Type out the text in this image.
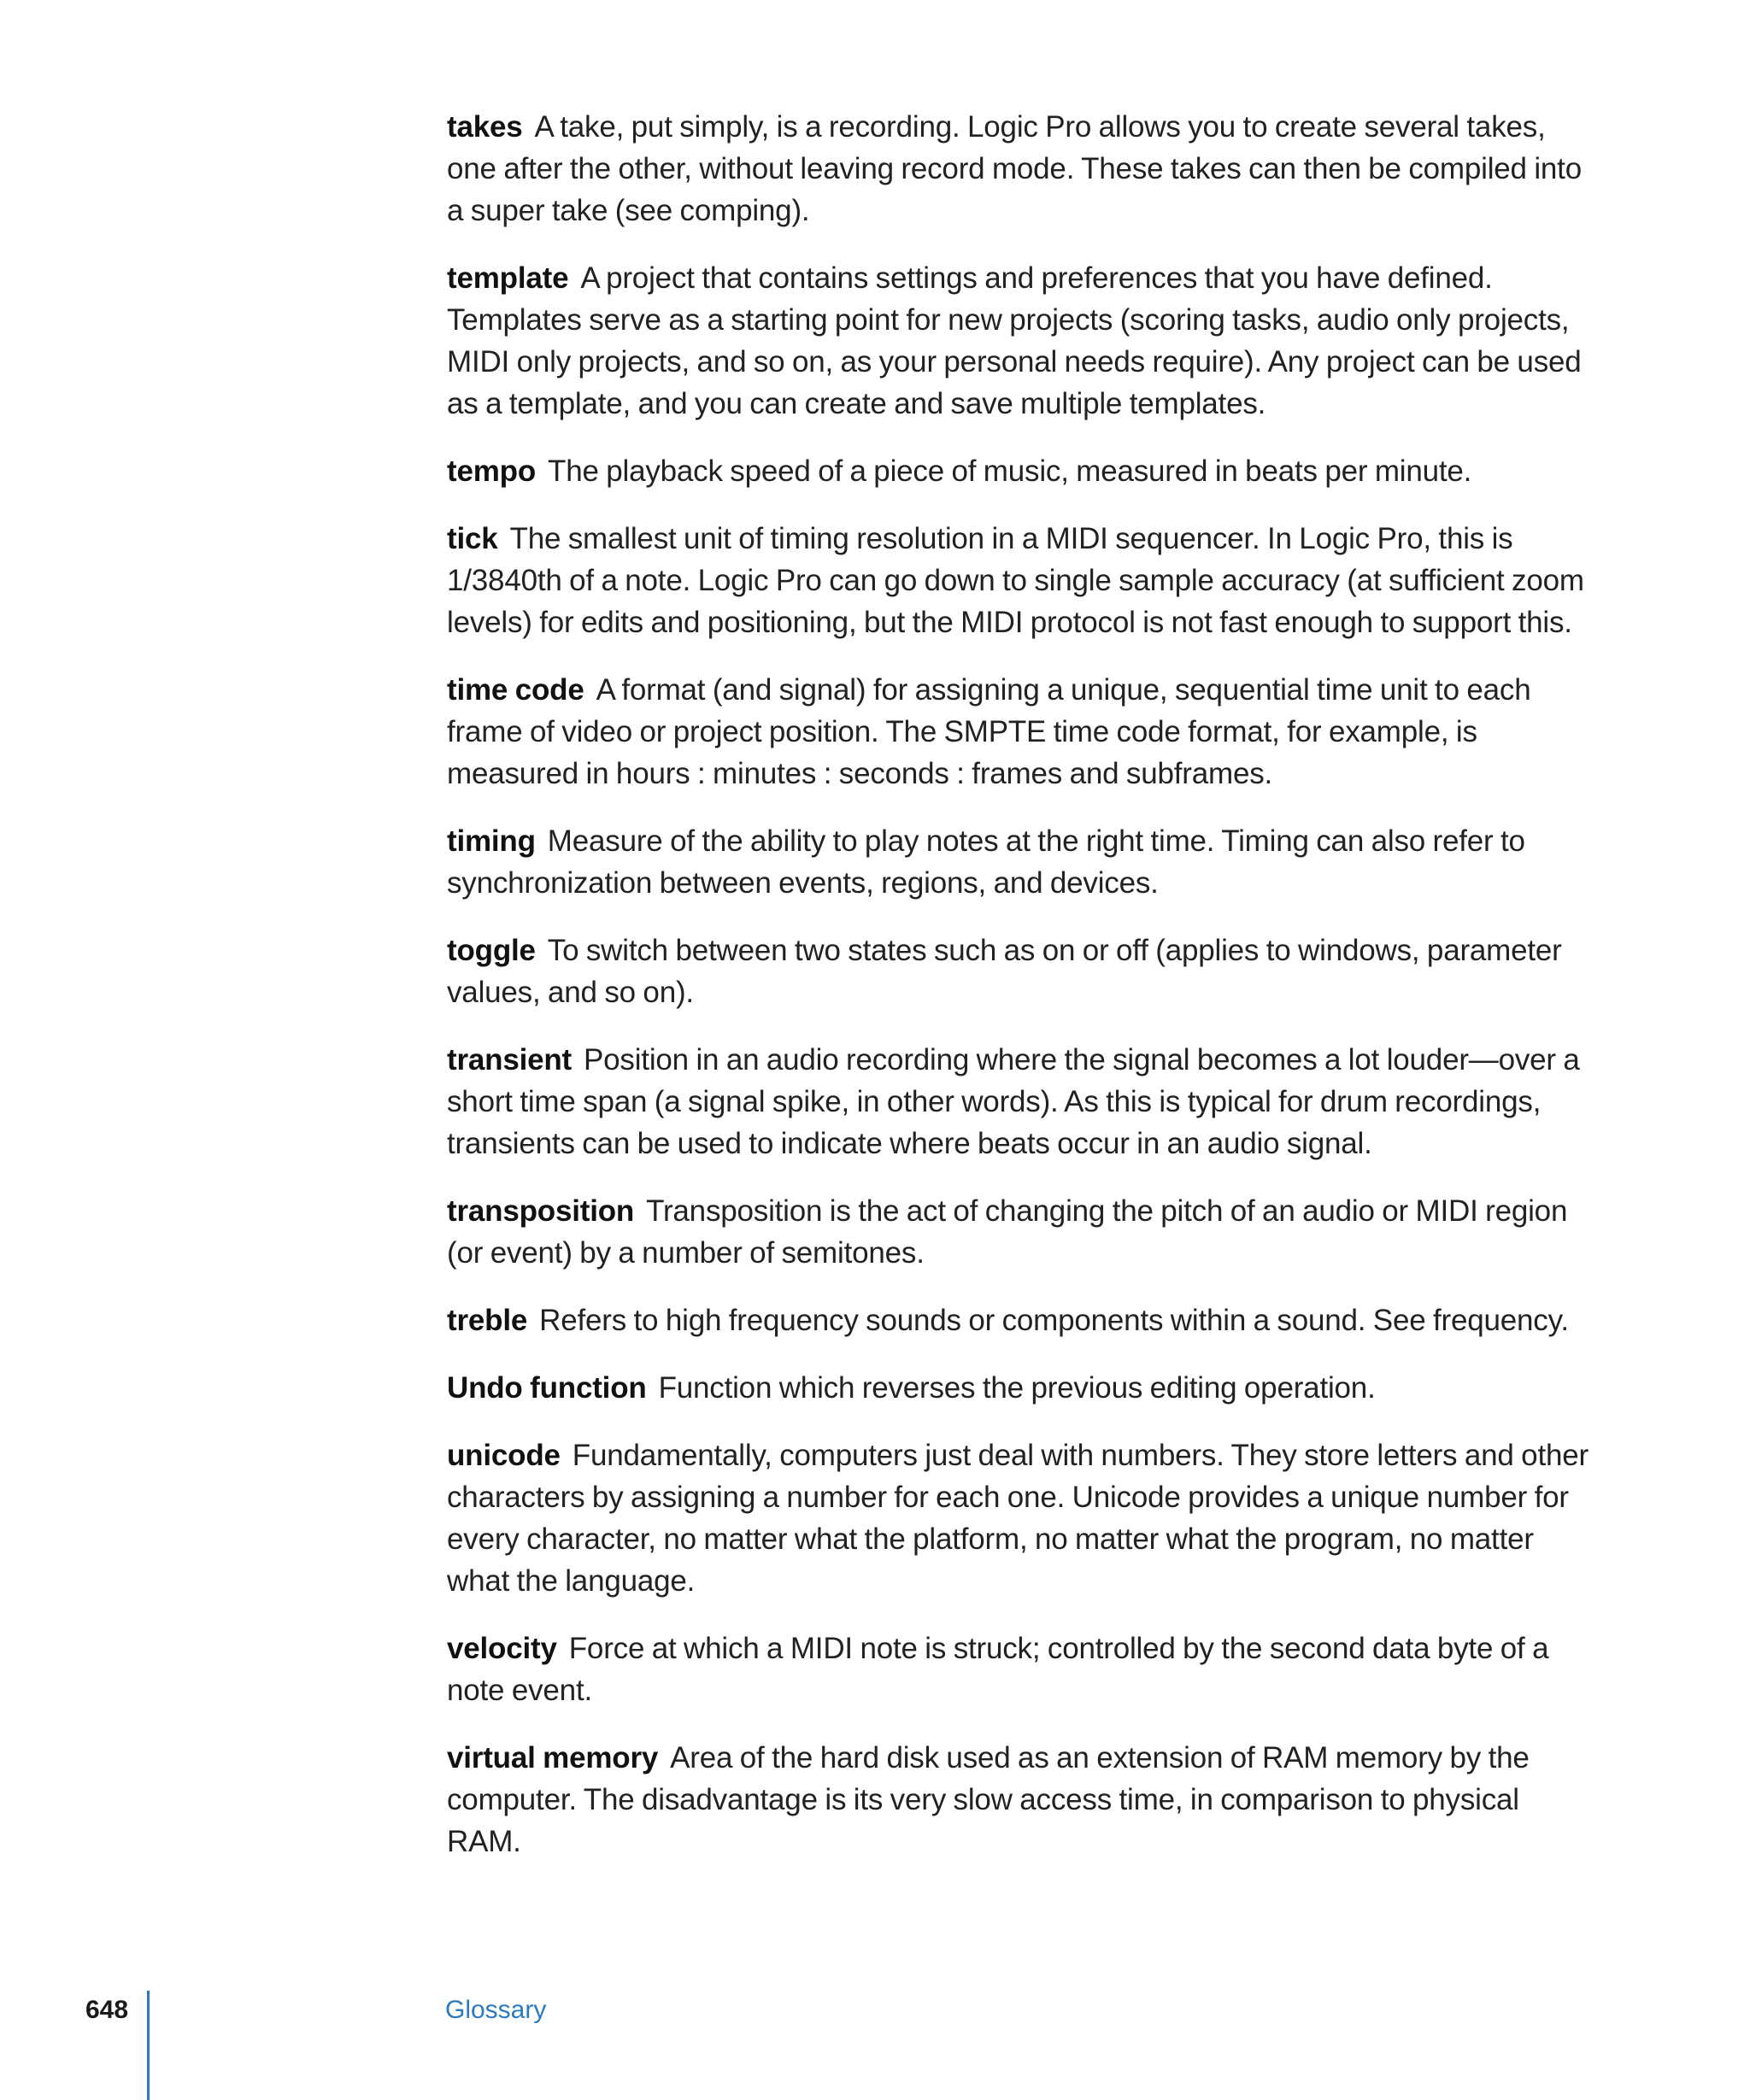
takes A take, put simply, is a recording. Logic Pro allows you to create several takes, one after the other, without leaving record mode. These takes can then be compiled into a super take (see comping).

template A project that contains settings and preferences that you have defined. Templates serve as a starting point for new projects (scoring tasks, audio only projects, MIDI only projects, and so on, as your personal needs require). Any project can be used as a template, and you can create and save multiple templates.

tempo The playback speed of a piece of music, measured in beats per minute.

tick The smallest unit of timing resolution in a MIDI sequencer. In Logic Pro, this is 1/3840th of a note. Logic Pro can go down to single sample accuracy (at sufficient zoom levels) for edits and positioning, but the MIDI protocol is not fast enough to support this.

time code A format (and signal) for assigning a unique, sequential time unit to each frame of video or project position. The SMPTE time code format, for example, is measured in hours : minutes : seconds : frames and subframes.

timing Measure of the ability to play notes at the right time. Timing can also refer to synchronization between events, regions, and devices.

toggle To switch between two states such as on or off (applies to windows, parameter values, and so on).

transient Position in an audio recording where the signal becomes a lot louder—over a short time span (a signal spike, in other words). As this is typical for drum recordings, transients can be used to indicate where beats occur in an audio signal.

transposition Transposition is the act of changing the pitch of an audio or MIDI region (or event) by a number of semitones.

treble Refers to high frequency sounds or components within a sound. See frequency.

Undo function Function which reverses the previous editing operation.

unicode Fundamentally, computers just deal with numbers. They store letters and other characters by assigning a number for each one. Unicode provides a unique number for every character, no matter what the platform, no matter what the program, no matter what the language.

velocity Force at which a MIDI note is struck; controlled by the second data byte of a note event.

virtual memory Area of the hard disk used as an extension of RAM memory by the computer. The disadvantage is its very slow access time, in comparison to physical RAM.

648	Glossary
